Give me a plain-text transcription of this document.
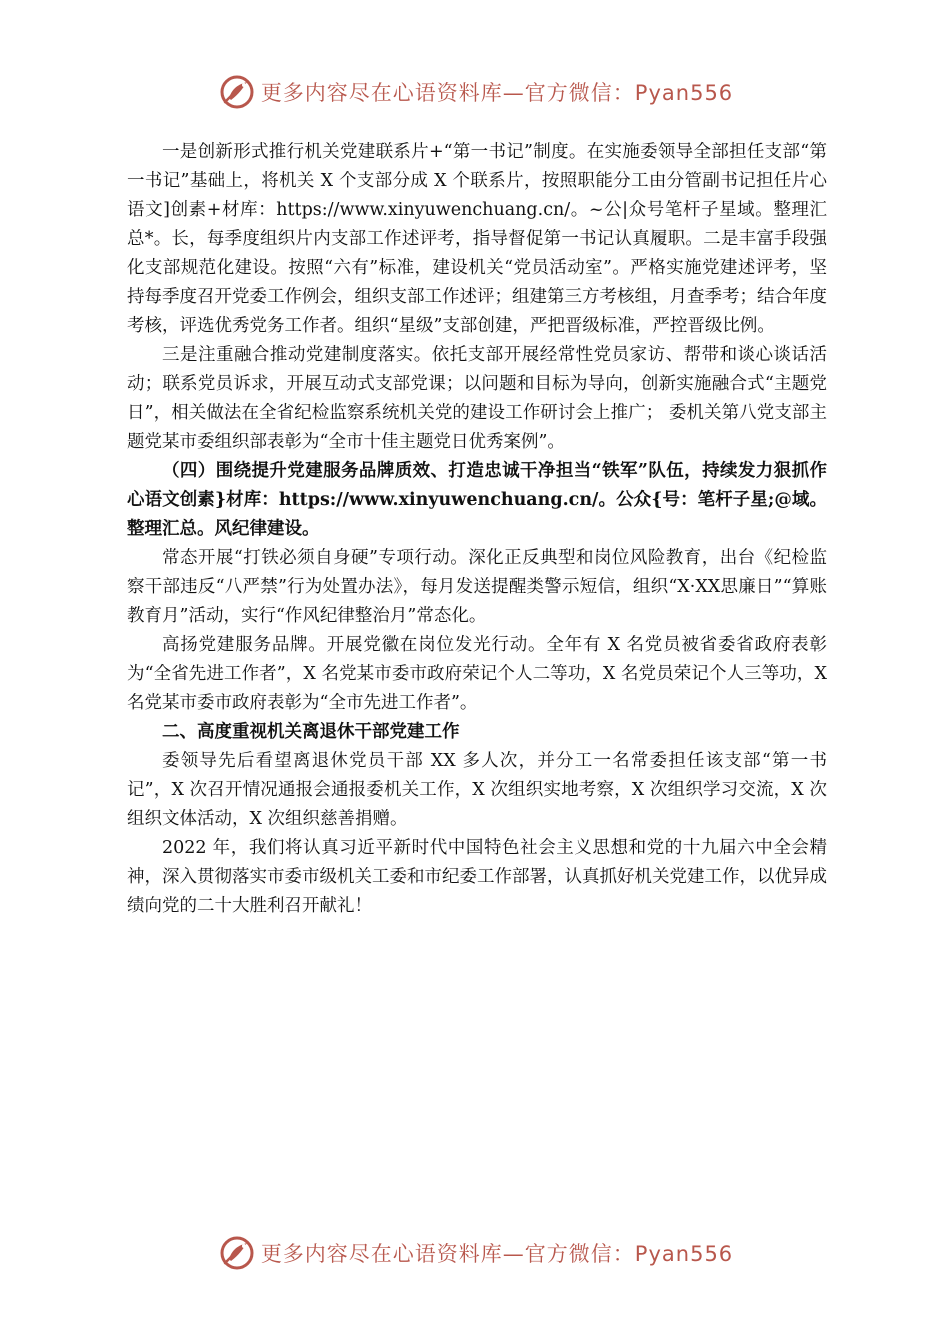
更多内容尽在心语资料库—官方微信：Pyan556

一是创新形式推行机关党建联系片+“第一书记”制度。在实施委领导全部担任支部“第一书记”基础上，将机关 X 个支部分成 X 个联系片，按照职能分工由分管副书记担任片心语文]创素+材库：https://www.xinyuwenchuang.cn/。~公|众号笔杆子星域。整理汇总*。长，每季度组织片内支部工作述评考，指导督促第一书记认真履职。二是丰富手段强化支部规范化建设。按照“六有”标准，建设机关“党员活动室”。严格实施党建述评考，坚持每季度召开党委工作例会，组织支部工作述评；组建第三方考核组，月查季考；结合年度考核，评选优秀党务工作者。组织“星级”支部创建，严把晋级标准，严控晋级比例。

三是注重融合推动党建制度落实。依托支部开展经常性党员家访、帮带和谈心谈话活动；联系党员诉求，开展互动式支部党课；以问题和目标为导向，创新实施融合式“主题党日”，相关做法在全省纪检监察系统机关党的建设工作研讨会上推广； 委机关第八党支部主题党某市委组织部表彰为“全市十佳主题党日优秀案例”。

（四）围绕提升党建服务品牌质效、打造忠诚干净担当“铁军”队伍，持续发力狠抓作心语文创素}材库：https://www.xinyuwenchuang.cn/。公众{号：笔杆子星;@域。整理汇总。风纪律建设。

常态开展“打铁必须自身硬”专项行动。深化正反典型和岗位风险教育，出台《纪检监察干部违反“八严禁”行为处置办法》，每月发送提醒类警示短信，组织“X·XX思廉日”“算账教育月”活动，实行“作风纪律整治月”常态化。

高扬党建服务品牌。开展党徽在岗位发光行动。全年有 X 名党员被省委省政府表彰为“全省先进工作者”，X 名党某市委市政府荣记个人二等功，X 名党员荣记个人三等功，X 名党某市委市政府表彰为“全市先进工作者”。

二、高度重视机关离退休干部党建工作

委领导先后看望离退休党员干部 XX 多人次，并分工一名常委担任该支部“第一书记”，X 次召开情况通报会通报委机关工作，X 次组织实地考察，X 次组织学习交流，X 次组织文体活动，X 次组织慈善捐赠。

2022 年，我们将认真习近平新时代中国特色社会主义思想和党的十九届六中全会精神，深入贯彻落实市委市级机关工委和市纪委工作部署，认真抓好机关党建工作，以优异成绩向党的二十大胜利召开献礼！

更多内容尽在心语资料库—官方微信：Pyan556
